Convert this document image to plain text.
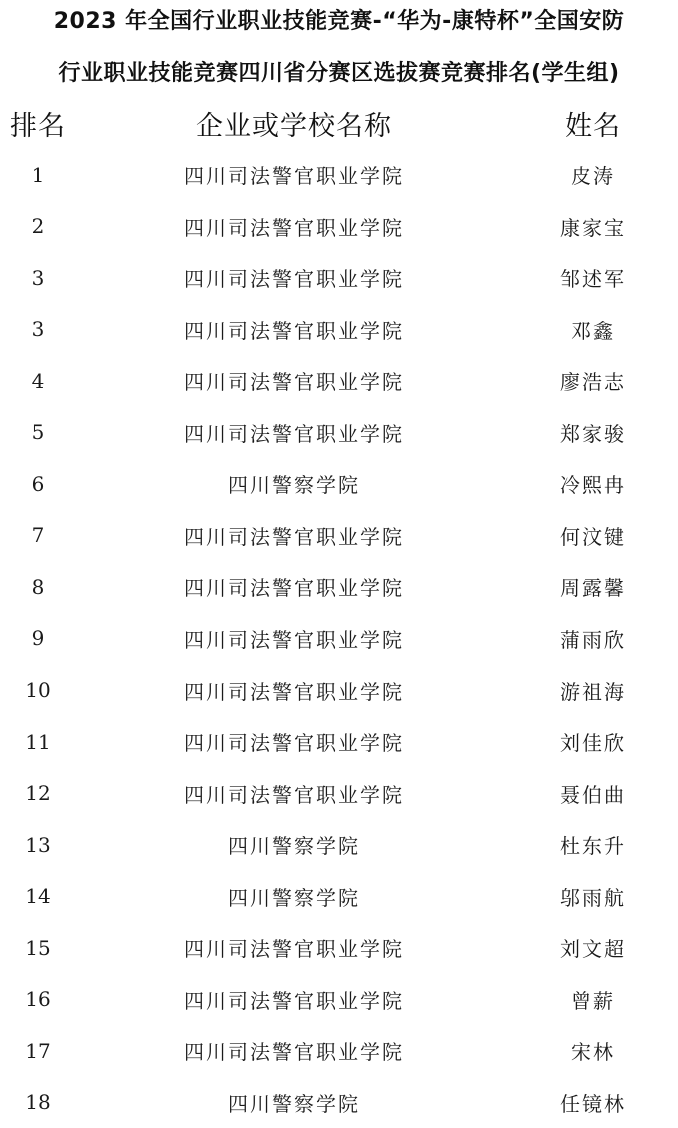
2023 年全国行业职业技能竞赛-“华为-康特杯”全国安防
行业职业技能竞赛四川省分赛区选拔赛竞赛排名(学生组)
排名	企业或学校名称	姓名
1	四川司法警官职业学院	皮涛
2	四川司法警官职业学院	康家宝
3	四川司法警官职业学院	邹述军
3	四川司法警官职业学院	邓鑫
4	四川司法警官职业学院	廖浩志
5	四川司法警官职业学院	郑家骏
6	四川警察学院	冷熙冉
7	四川司法警官职业学院	何汶键
8	四川司法警官职业学院	周露馨
9	四川司法警官职业学院	蒲雨欣
10	四川司法警官职业学院	游祖海
11	四川司法警官职业学院	刘佳欣
12	四川司法警官职业学院	聂伯曲
13	四川警察学院	杜东升
14	四川警察学院	邬雨航
15	四川司法警官职业学院	刘文超
16	四川司法警官职业学院	曾薪
17	四川司法警官职业学院	宋林
18	四川警察学院	任镜林
